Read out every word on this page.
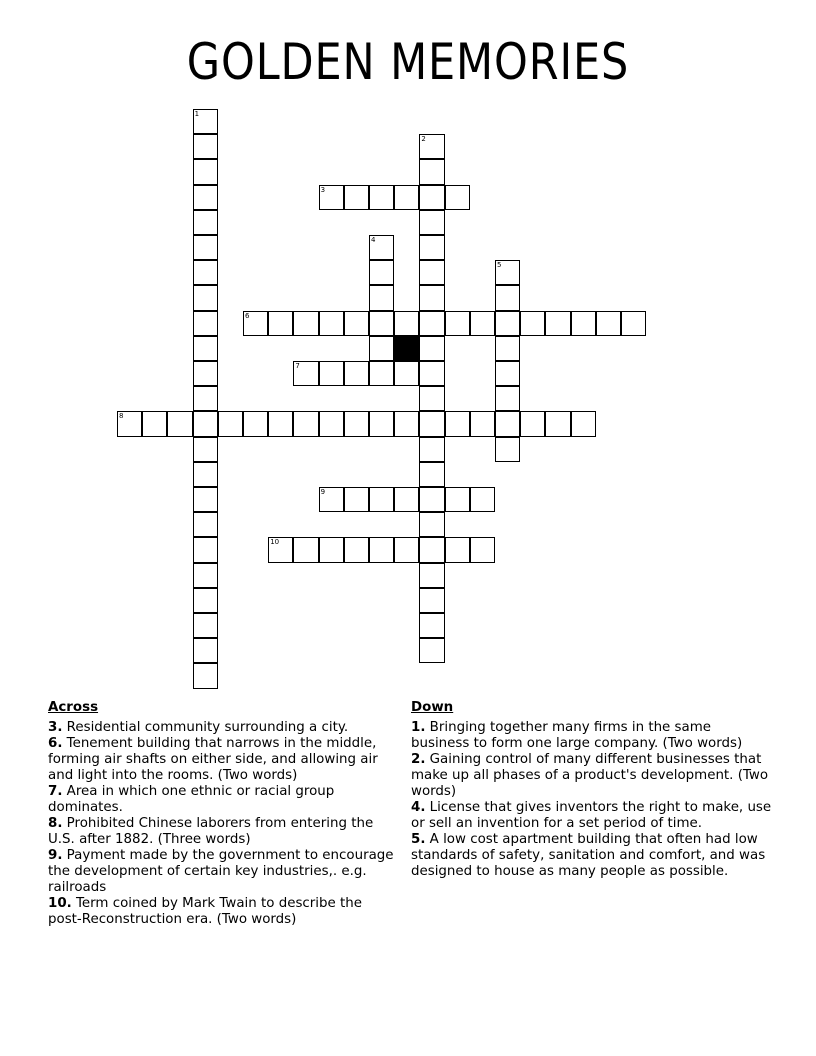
GOLDEN MEMORIES
1
2
3
4
5
6
7
8
9
10
Across
3. Residential community surrounding a city.
6. Tenement building that narrows in the middle, forming air shafts on either side, and allowing air and light into the rooms. (Two words)
7. Area in which one ethnic or racial group dominates.
8. Prohibited Chinese laborers from entering the U.S. after 1882. (Three words)
9. Payment made by the government to encourage the development of certain key industries,. e.g. railroads
10. Term coined by Mark Twain to describe the post-Reconstruction era. (Two words)
Down
1. Bringing together many firms in the same business to form one large company. (Two words)
2. Gaining control of many different businesses that make up all phases of a product's development. (Two words)
4. License that gives inventors the right to make, use or sell an invention for a set period of time.
5. A low cost apartment building that often had low standards of safety, sanitation and comfort, and was designed to house as many people as possible.
